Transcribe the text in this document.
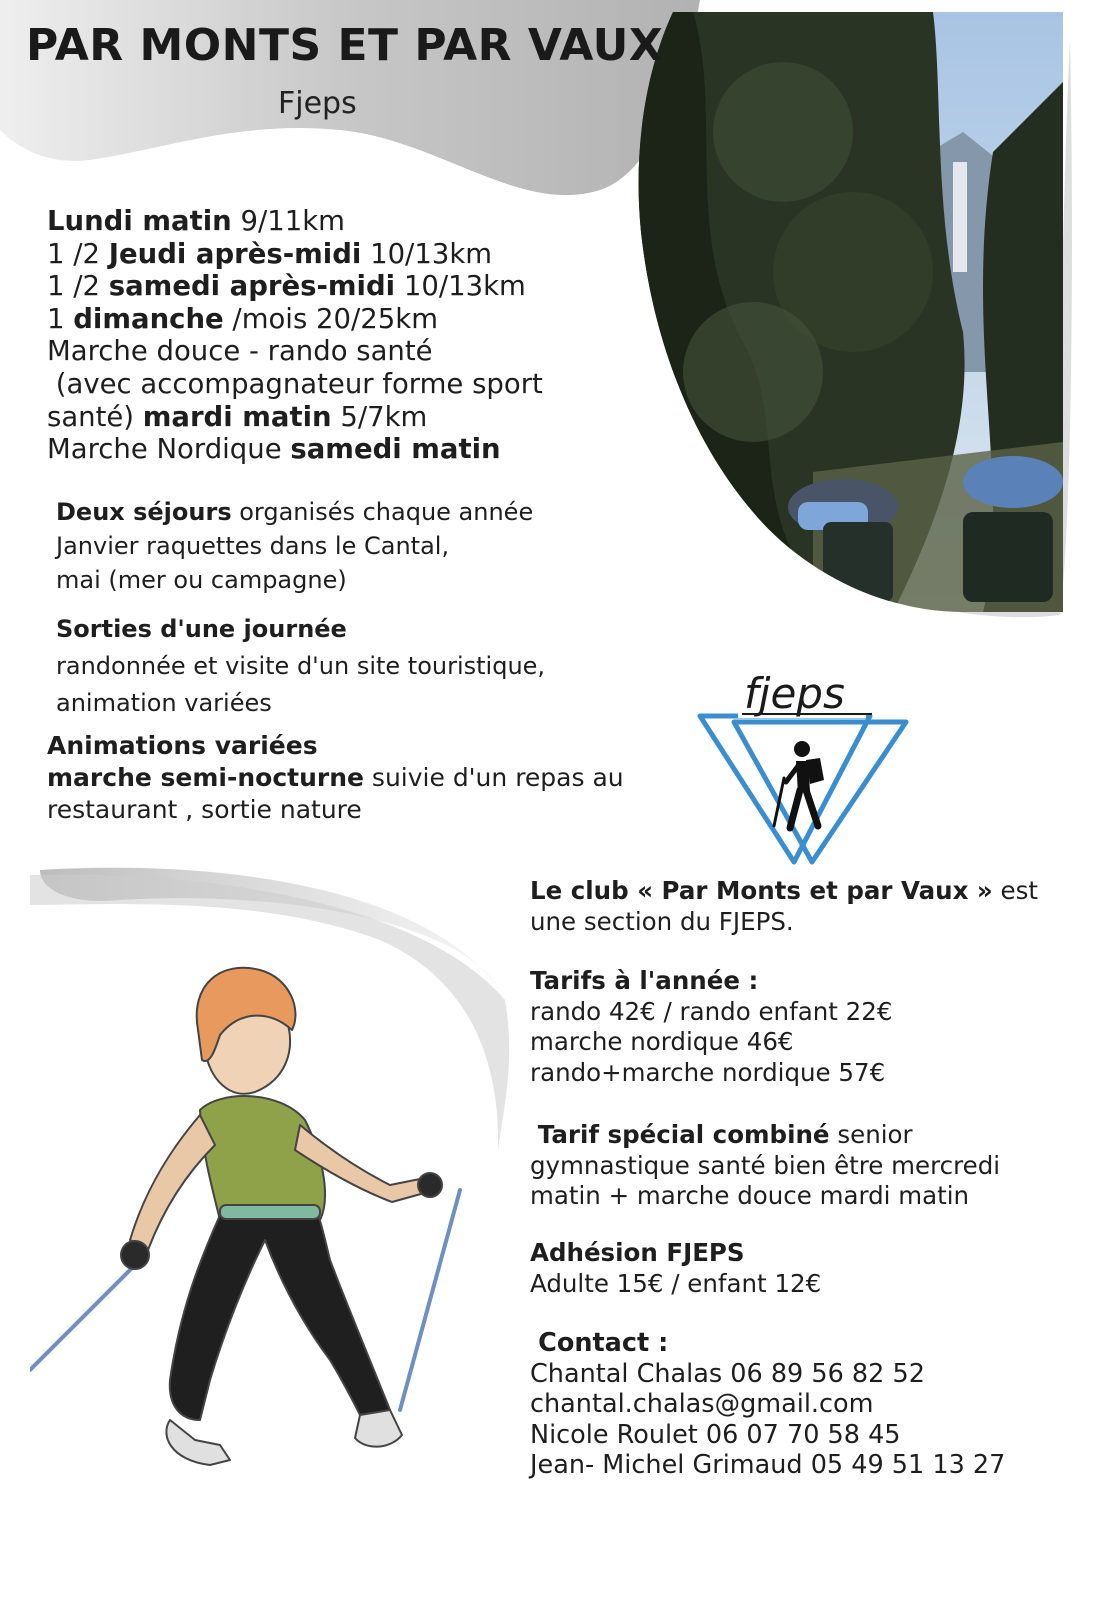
PAR MONTS ET PAR VAUX
Fjeps
Lundi matin 9/11km
1 /2 Jeudi après-midi 10/13km
1 /2 samedi après-midi 10/13km
1 dimanche /mois 20/25km
Marche douce - rando santé
(avec accompagnateur forme sport
santé) mardi matin 5/7km
Marche Nordique samedi matin

Deux séjours organisés chaque année

Janvier raquettes dans le Cantal,

mai (mer ou campagne)

Sorties d'une journée

randonnée et visite d'un site touristique,

animation variées

Animations variées

marche semi-nocturne suivie d'un repas au

restaurant , sortie nature

fjeps

Le club « Par Monts et par Vaux » est

une section du FJEPS.

Tarifs à l'année :

rando 42€ / rando enfant 22€

marche nordique 46€

rando+marche nordique 57€

Tarif spécial combiné senior

gymnastique santé bien être mercredi

matin + marche douce mardi matin

Adhésion FJEPS

Adulte 15€ / enfant 12€

Contact :

Chantal Chalas 06 89 56 82 52

chantal.chalas@gmail.com

Nicole Roulet 06 07 70 58 45

Jean- Michel Grimaud 05 49 51 13 27
